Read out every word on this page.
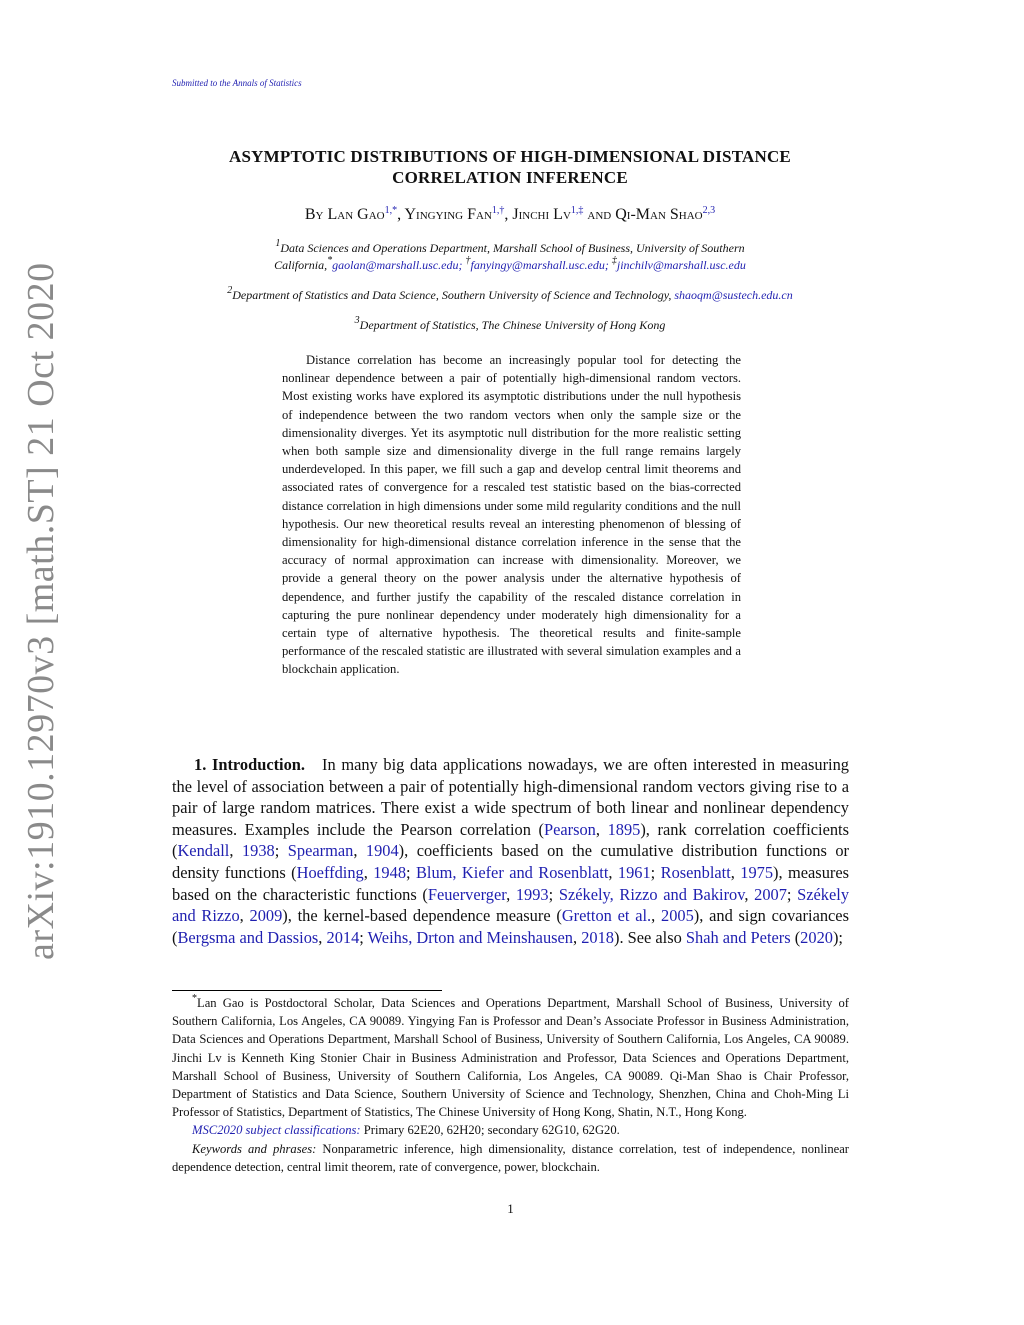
Submitted to the Annals of Statistics
arXiv:1910.12970v3 [math.ST] 21 Oct 2020
ASYMPTOTIC DISTRIBUTIONS OF HIGH-DIMENSIONAL DISTANCE
CORRELATION INFERENCE
By Lan Gao$^{1,*}$, Yingying Fan$^{1,\dagger}$, Jinchi $Lv^{1,\ddagger}$ and Qi-Man Shao$^{2,3}$
$^1$Data Sciences and Operations Department, Marshall School of Business, University of Southern
California,*gaolan@marshall.usc.edu; †fanyingy@marshall.usc.edu; ‡jinchilv@marshall.usc.edu
$^2$Department of Statistics and Data Science, Southern University of Science and Technology, shaoqm@sustech.edu.cn
$^3$Department of Statistics, The Chinese University of Hong Kong
Distance correlation has become an increasingly popular tool for detecting the nonlinear dependence between a pair of potentially high-dimensional random vectors. Most existing works have explored its asymptotic distributions under the null hypothesis of independence between the two random vectors when only the sample size or the dimensionality diverges. Yet its asymptotic null distribution for the more realistic setting when both sample size and dimensionality diverge in the full range remains largely underdeveloped. In this paper, we fill such a gap and develop central limit theorems and associated rates of convergence for a rescaled test statistic based on the bias-corrected distance correlation in high dimensions under some mild regularity conditions and the null hypothesis. Our new theoretical results reveal an interesting phenomenon of blessing of dimensionality for high-dimensional distance correlation inference in the sense that the accuracy of normal approximation can increase with dimensionality. Moreover, we provide a general theory on the power analysis under the alternative hypothesis of dependence, and further justify the capability of the rescaled distance correlation in capturing the pure nonlinear dependency under moderately high dimensionality for a certain type of alternative hypothesis. The theoretical results and finite-sample performance of the rescaled statistic are illustrated with several simulation examples and a blockchain application.
1. Introduction. In many big data applications nowadays, we are often interested in measuring the level of association between a pair of potentially high-dimensional random vectors giving rise to a pair of large random matrices. There exist a wide spectrum of both linear and nonlinear dependency measures. Examples include the Pearson correlation (Pearson, 1895), rank correlation coefficients (Kendall, 1938; Spearman, 1904), coefficients based on the cumulative distribution functions or density functions (Hoeffding, 1948; Blum, Kiefer and Rosenblatt, 1961; Rosenblatt, 1975), measures based on the characteristic functions (Feuerverger, 1993; Székely, Rizzo and Bakirov, 2007; Székely and Rizzo, 2009), the kernel-based dependence measure (Gretton et al., 2005), and sign covariances (Bergsma and Dassios, 2014; Weihs, Drton and Meinshausen, 2018). See also Shah and Peters (2020);

*Lan Gao is Postdoctoral Scholar, Data Sciences and Operations Department, Marshall School of Business, University of Southern California, Los Angeles, CA 90089. Yingying Fan is Professor and Dean’s Associate Professor in Business Administration, Data Sciences and Operations Department, Marshall School of Business, University of Southern California, Los Angeles, CA 90089. Jinchi Lv is Kenneth King Stonier Chair in Business Administration and Professor, Data Sciences and Operations Department, Marshall School of Business, University of Southern California, Los Angeles, CA 90089. Qi-Man Shao is Chair Professor, Department of Statistics and Data Science, Southern University of Science and Technology, Shenzhen, China and Choh-Ming Li Professor of Statistics, Department of Statistics, The Chinese University of Hong Kong, Shatin, N.T., Hong Kong.

MSC2020 subject classifications: Primary 62E20, 62H20; secondary 62G10, 62G20.

Keywords and phrases: Nonparametric inference, high dimensionality, distance correlation, test of independence, nonlinear dependence detection, central limit theorem, rate of convergence, power, blockchain.

1
